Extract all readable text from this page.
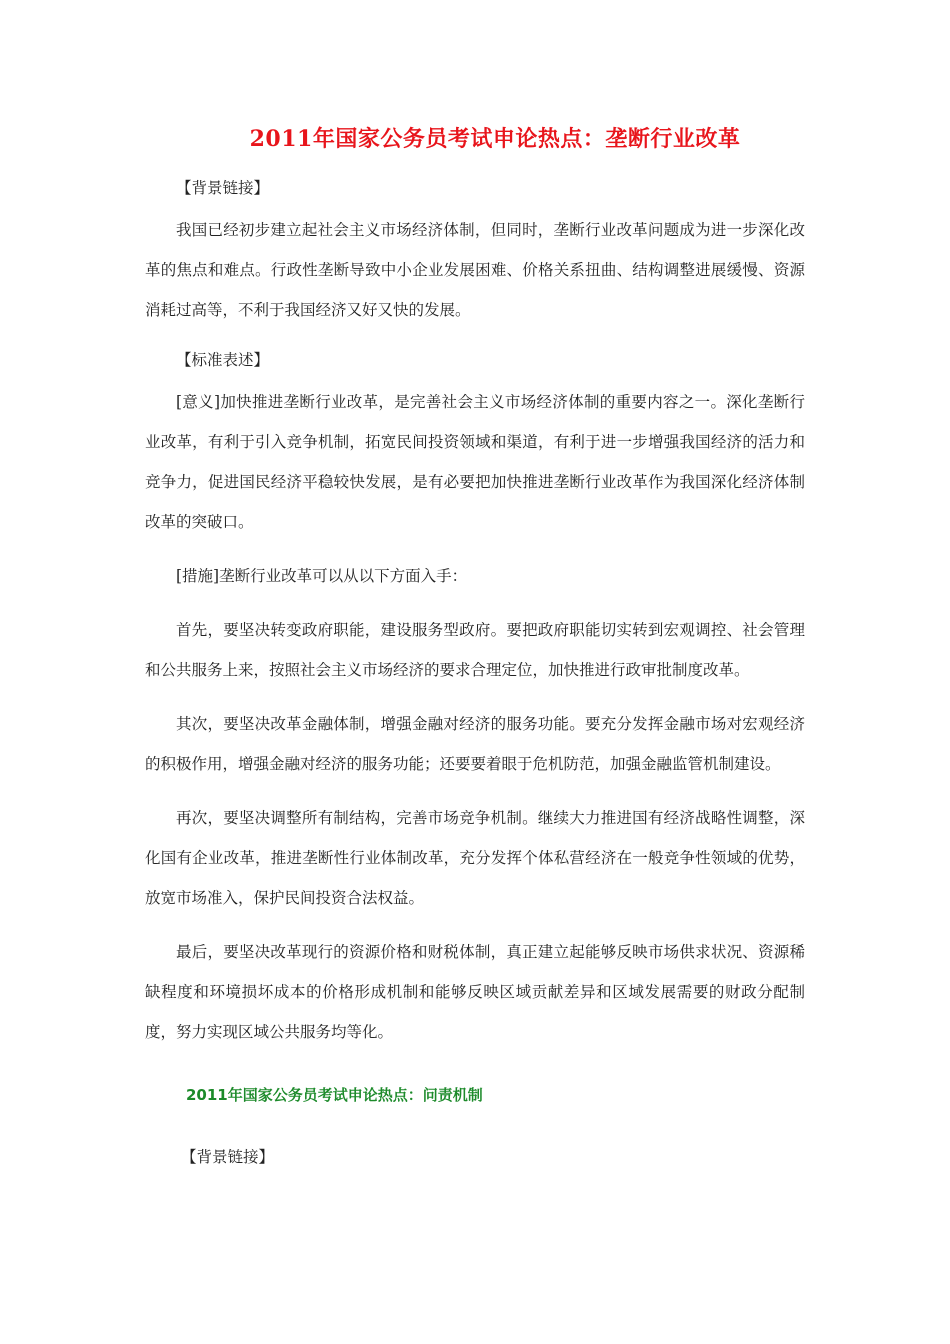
2011年国家公务员考试申论热点：垄断行业改革
【背景链接】

我国已经初步建立起社会主义市场经济体制，但同时，垄断行业改革问题成为进一步深化改革的焦点和难点。行政性垄断导致中小企业发展困难、价格关系扭曲、结构调整进展缓慢、资源消耗过高等，不利于我国经济又好又快的发展。

【标准表述】

[意义]加快推进垄断行业改革，是完善社会主义市场经济体制的重要内容之一。深化垄断行业改革，有利于引入竞争机制，拓宽民间投资领域和渠道，有利于进一步增强我国经济的活力和竞争力，促进国民经济平稳较快发展，是有必要把加快推进垄断行业改革作为我国深化经济体制改革的突破口。

[措施]垄断行业改革可以从以下方面入手：

首先，要坚决转变政府职能，建设服务型政府。要把政府职能切实转到宏观调控、社会管理和公共服务上来，按照社会主义市场经济的要求合理定位，加快推进行政审批制度改革。

其次，要坚决改革金融体制，增强金融对经济的服务功能。要充分发挥金融市场对宏观经济的积极作用，增强金融对经济的服务功能；还要要着眼于危机防范，加强金融监管机制建设。

再次，要坚决调整所有制结构，完善市场竞争机制。继续大力推进国有经济战略性调整，深化国有企业改革，推进垄断性行业体制改革，充分发挥个体私营经济在一般竞争性领域的优势，放宽市场准入，保护民间投资合法权益。

最后，要坚决改革现行的资源价格和财税体制，真正建立起能够反映市场供求状况、资源稀缺程度和环境损坏成本的价格形成机制和能够反映区域贡献差异和区域发展需要的财政分配制度，努力实现区域公共服务均等化。

2011年国家公务员考试申论热点：问责机制
【背景链接】
